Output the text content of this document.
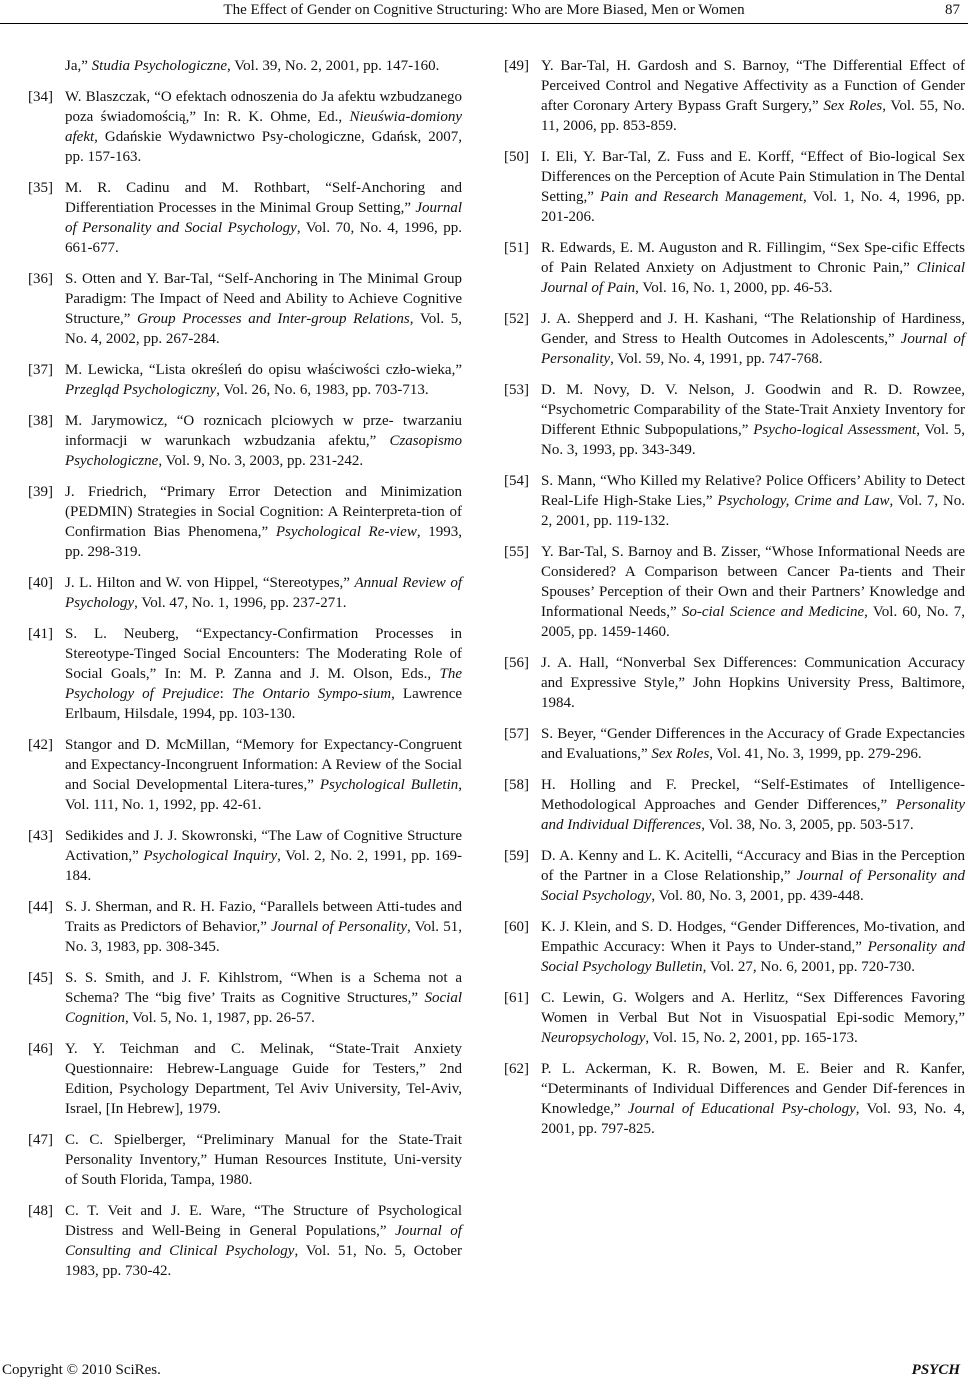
The Effect of Gender on Cognitive Structuring: Who are More Biased, Men or Women	87
Ja,” Studia Psychologiczne, Vol. 39, No. 2, 2001, pp. 147-160.
[34] W. Blaszczak, “O efektach odnoszenia do Ja afektu wzbudzanego poza świadomością,” In: R. K. Ohme, Ed., Nieuświa-domiony afekt, Gdańskie Wydawnictwo Psy-chologiczne, Gdańsk, 2007, pp. 157-163.
[35] M. R. Cadinu and M. Rothbart, “Self-Anchoring and Differentiation Processes in the Minimal Group Setting,” Journal of Personality and Social Psychology, Vol. 70, No. 4, 1996, pp. 661-677.
[36] S. Otten and Y. Bar-Tal, “Self-Anchoring in The Minimal Group Paradigm: The Impact of Need and Ability to Achieve Cognitive Structure,” Group Processes and Inter-group Relations, Vol. 5, No. 4, 2002, pp. 267-284.
[37] M. Lewicka, “Lista określeń do opisu właściwości czło-wieka,” Przegląd Psychologiczny, Vol. 26, No. 6, 1983, pp. 703-713.
[38] M. Jarymowicz, “O roznicach plciowych w prze- twarzaniu informacji w warunkach wzbudzania afektu,” Czasopismo Psychologiczne, Vol. 9, No. 3, 2003, pp. 231-242.
[39] J. Friedrich, “Primary Error Detection and Minimization (PEDMIN) Strategies in Social Cognition: A Reinterpreta-tion of Confirmation Bias Phenomena,” Psychological Re-view, 1993, pp. 298-319.
[40] J. L. Hilton and W. von Hippel, “Stereotypes,” Annual Review of Psychology, Vol. 47, No. 1, 1996, pp. 237-271.
[41] S. L. Neuberg, “Expectancy-Confirmation Processes in Stereotype-Tinged Social Encounters: The Moderating Role of Social Goals,” In: M. P. Zanna and J. M. Olson, Eds., The Psychology of Prejudice: The Ontario Sympo-sium, Lawrence Erlbaum, Hilsdale, 1994, pp. 103-130.
[42] Stangor and D. McMillan, “Memory for Expectancy-Congruent and Expectancy-Incongruent Information: A Review of the Social and Social Developmental Litera-tures,” Psychological Bulletin, Vol. 111, No. 1, 1992, pp. 42-61.
[43] Sedikides and J. J. Skowronski, “The Law of Cognitive Structure Activation,” Psychological Inquiry, Vol. 2, No. 2, 1991, pp. 169-184.
[44] S. J. Sherman, and R. H. Fazio, “Parallels between Atti-tudes and Traits as Predictors of Behavior,” Journal of Personality, Vol. 51, No. 3, 1983, pp. 308-345.
[45] S. S. Smith, and J. F. Kihlstrom, “When is a Schema not a Schema? The “big five’ Traits as Cognitive Structures,” Social Cognition, Vol. 5, No. 1, 1987, pp. 26-57.
[46] Y. Y. Teichman and C. Melinak, “State-Trait Anxiety Questionnaire: Hebrew-Language Guide for Testers,” 2nd Edition, Psychology Department, Tel Aviv University, Tel-Aviv, Israel, [In Hebrew], 1979.
[47] C. C. Spielberger, “Preliminary Manual for the State-Trait Personality Inventory,” Human Resources Institute, Uni-versity of South Florida, Tampa, 1980.
[48] C. T. Veit and J. E. Ware, “The Structure of Psychological Distress and Well-Being in General Populations,” Journal of Consulting and Clinical Psychology, Vol. 51, No. 5, October 1983, pp. 730-42.
[49] Y. Bar-Tal, H. Gardosh and S. Barnoy, “The Differential Effect of Perceived Control and Negative Affectivity as a Function of Gender after Coronary Artery Bypass Graft Surgery,” Sex Roles, Vol. 55, No. 11, 2006, pp. 853-859.
[50] I. Eli, Y. Bar-Tal, Z. Fuss and E. Korff, “Effect of Bio-logical Sex Differences on the Perception of Acute Pain Stimulation in The Dental Setting,” Pain and Research Management, Vol. 1, No. 4, 1996, pp. 201-206.
[51] R. Edwards, E. M. Auguston and R. Fillingim, “Sex Spe-cific Effects of Pain Related Anxiety on Adjustment to Chronic Pain,” Clinical Journal of Pain, Vol. 16, No. 1, 2000, pp. 46-53.
[52] J. A. Shepperd and J. H. Kashani, “The Relationship of Hardiness, Gender, and Stress to Health Outcomes in Adolescents,” Journal of Personality, Vol. 59, No. 4, 1991, pp. 747-768.
[53] D. M. Novy, D. V. Nelson, J. Goodwin and R. D. Rowzee, “Psychometric Comparability of the State-Trait Anxiety Inventory for Different Ethnic Subpopulations,” Psycho-logical Assessment, Vol. 5, No. 3, 1993, pp. 343-349.
[54] S. Mann, “Who Killed my Relative? Police Officers’ Ability to Detect Real-Life High-Stake Lies,” Psychology, Crime and Law, Vol. 7, No. 2, 2001, pp. 119-132.
[55] Y. Bar-Tal, S. Barnoy and B. Zisser, “Whose Informational Needs are Considered? A Comparison between Cancer Pa-tients and Their Spouses’ Perception of their Own and their Partners’ Knowledge and Informational Needs,” So-cial Science and Medicine, Vol. 60, No. 7, 2005, pp. 1459-1460.
[56] J. A. Hall, “Nonverbal Sex Differences: Communication Accuracy and Expressive Style,” John Hopkins University Press, Baltimore, 1984.
[57] S. Beyer, “Gender Differences in the Accuracy of Grade Expectancies and Evaluations,” Sex Roles, Vol. 41, No. 3, 1999, pp. 279-296.
[58] H. Holling and F. Preckel, “Self-Estimates of Intelligence-Methodological Approaches and Gender Differences,” Personality and Individual Differences, Vol. 38, No. 3, 2005, pp. 503-517.
[59] D. A. Kenny and L. K. Acitelli, “Accuracy and Bias in the Perception of the Partner in a Close Relationship,” Journal of Personality and Social Psychology, Vol. 80, No. 3, 2001, pp. 439-448.
[60] K. J. Klein, and S. D. Hodges, “Gender Differences, Mo-tivation, and Empathic Accuracy: When it Pays to Under-stand,” Personality and Social Psychology Bulletin, Vol. 27, No. 6, 2001, pp. 720-730.
[61] C. Lewin, G. Wolgers and A. Herlitz, “Sex Differences Favoring Women in Verbal But Not in Visuospatial Epi-sodic Memory,” Neuropsychology, Vol. 15, No. 2, 2001, pp. 165-173.
[62] P. L. Ackerman, K. R. Bowen, M. E. Beier and R. Kanfer, “Determinants of Individual Differences and Gender Dif-ferences in Knowledge,” Journal of Educational Psy-chology, Vol. 93, No. 4, 2001, pp. 797-825.
Copyright © 2010 SciRes.	PSYCH
